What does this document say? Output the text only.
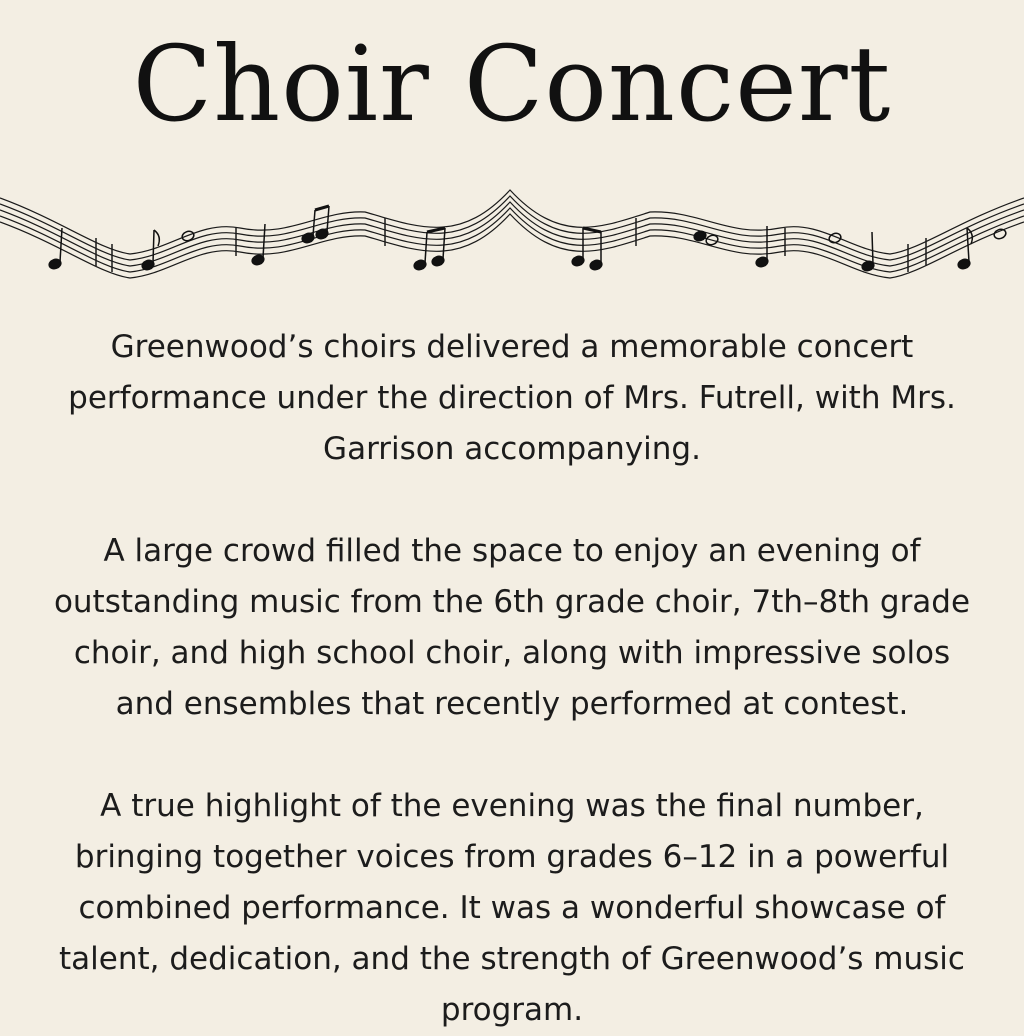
Choir Concert

Greenwood’s choirs delivered a memorable concert performance under the direction of Mrs. Futrell, with Mrs. Garrison accompanying.

A large crowd filled the space to enjoy an evening of outstanding music from the 6th grade choir, 7th–8th grade choir, and high school choir, along with impressive solos and ensembles that recently performed at contest.

A true highlight of the evening was the final number, bringing together voices from grades 6–12 in a powerful combined performance. It was a wonderful showcase of talent, dedication, and the strength of Greenwood’s music program.
